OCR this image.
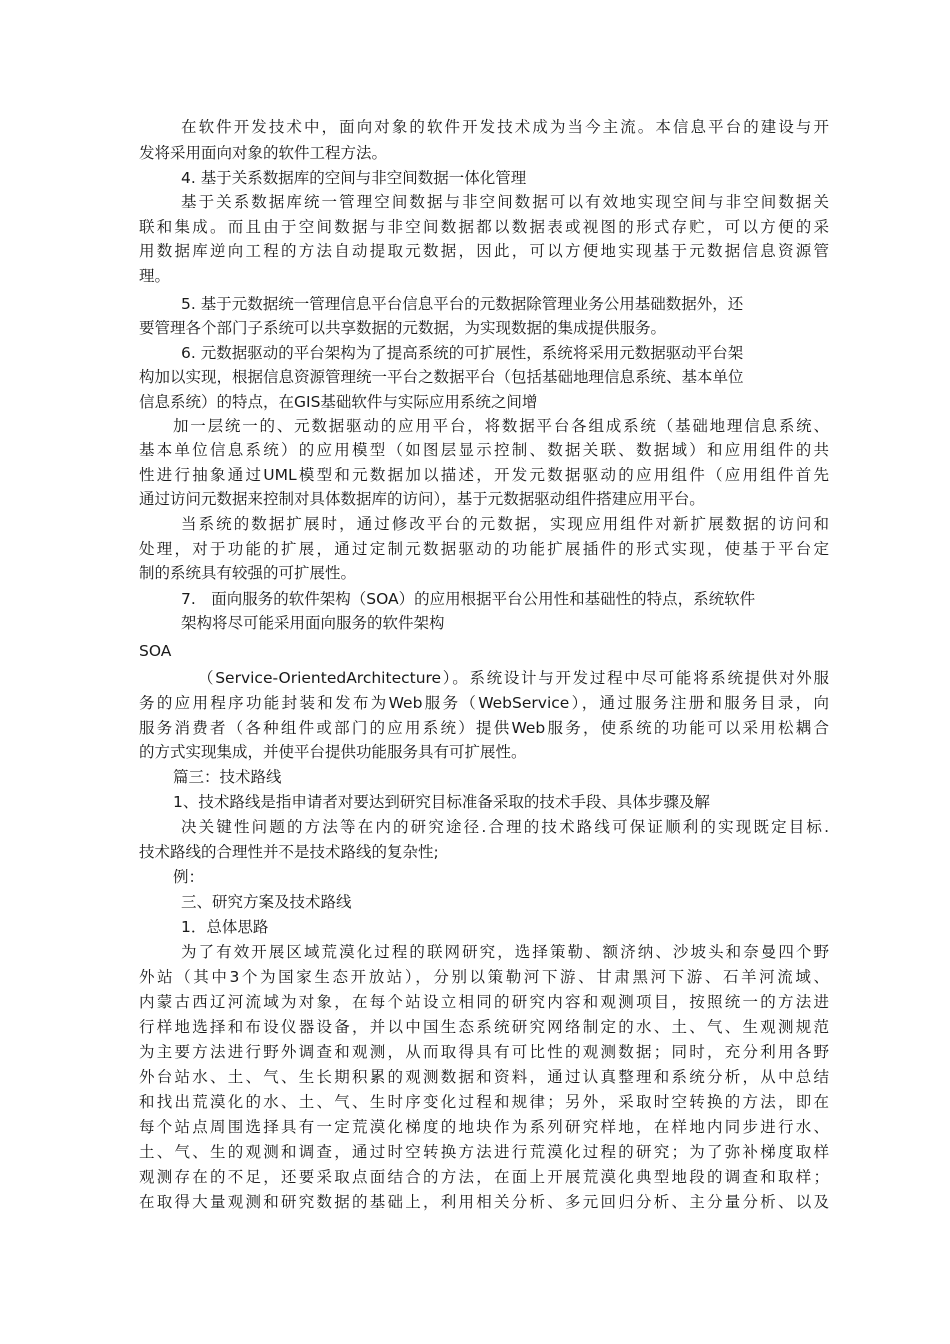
在软件开发技术中，面向对象的软件开发技术成为当今主流。本信息平台的建设与开
发将采用面向对象的软件工程方法。
4. 基于关系数据库的空间与非空间数据一体化管理
基于关系数据库统一管理空间数据与非空间数据可以有效地实现空间与非空间数据关
联和集成。而且由于空间数据与非空间数据都以数据表或视图的形式存贮，可以方便的采
用数据库逆向工程的方法自动提取元数据，因此，可以方便地实现基于元数据信息资源管
理。
5. 基于元数据统一管理信息平台信息平台的元数据除管理业务公用基础数据外，还
要管理各个部门子系统可以共享数据的元数据，为实现数据的集成提供服务。
6. 元数据驱动的平台架构为了提高系统的可扩展性，系统将采用元数据驱动平台架
构加以实现，根据信息资源管理统一平台之数据平台（包括基础地理信息系统、基本单位
信息系统）的特点，在GIS基础软件与实际应用系统之间增
加一层统一的、元数据驱动的应用平台，将数据平台各组成系统（基础地理信息系统、
基本单位信息系统）的应用模型（如图层显示控制、数据关联、数据域）和应用组件的共
性进行抽象通过UML模型和元数据加以描述，开发元数据驱动的应用组件（应用组件首先
通过访问元数据来控制对具体数据库的访问），基于元数据驱动组件搭建应用平台。
当系统的数据扩展时，通过修改平台的元数据，实现应用组件对新扩展数据的访问和
处理，对于功能的扩展，通过定制元数据驱动的功能扩展插件的形式实现，使基于平台定
制的系统具有较强的可扩展性。
7.　面向服务的软件架构（SOA）的应用根据平台公用性和基础性的特点，系统软件
架构将尽可能采用面向服务的软件架构
SOA
（Service-OrientedArchitecture）。系统设计与开发过程中尽可能将系统提供对外服
务的应用程序功能封装和发布为Web服务（WebService），通过服务注册和服务目录，向
服务消费者（各种组件或部门的应用系统）提供Web服务，使系统的功能可以采用松耦合
的方式实现集成，并使平台提供功能服务具有可扩展性。
篇三：技术路线
1、技术路线是指申请者对要达到研究目标准备采取的技术手段、具体步骤及解
决关键性问题的方法等在内的研究途径.合理的技术路线可保证顺利的实现既定目标.
技术路线的合理性并不是技术路线的复杂性;
例：
三、研究方案及技术路线
1．总体思路
为了有效开展区域荒漠化过程的联网研究，选择策勒、额济纳、沙坡头和奈曼四个野
外站（其中3个为国家生态开放站），分别以策勒河下游、甘肃黑河下游、石羊河流域、
内蒙古西辽河流域为对象，在每个站设立相同的研究内容和观测项目，按照统一的方法进
行样地选择和布设仪器设备，并以中国生态系统研究网络制定的水、土、气、生观测规范
为主要方法进行野外调查和观测，从而取得具有可比性的观测数据；同时，充分利用各野
外台站水、土、气、生长期积累的观测数据和资料，通过认真整理和系统分析，从中总结
和找出荒漠化的水、土、气、生时序变化过程和规律；另外，采取时空转换的方法，即在
每个站点周围选择具有一定荒漠化梯度的地块作为系列研究样地，在样地内同步进行水、
土、气、生的观测和调查，通过时空转换方法进行荒漠化过程的研究；为了弥补梯度取样
观测存在的不足，还要采取点面结合的方法，在面上开展荒漠化典型地段的调查和取样；
在取得大量观测和研究数据的基础上，利用相关分析、多元回归分析、主分量分析、以及
